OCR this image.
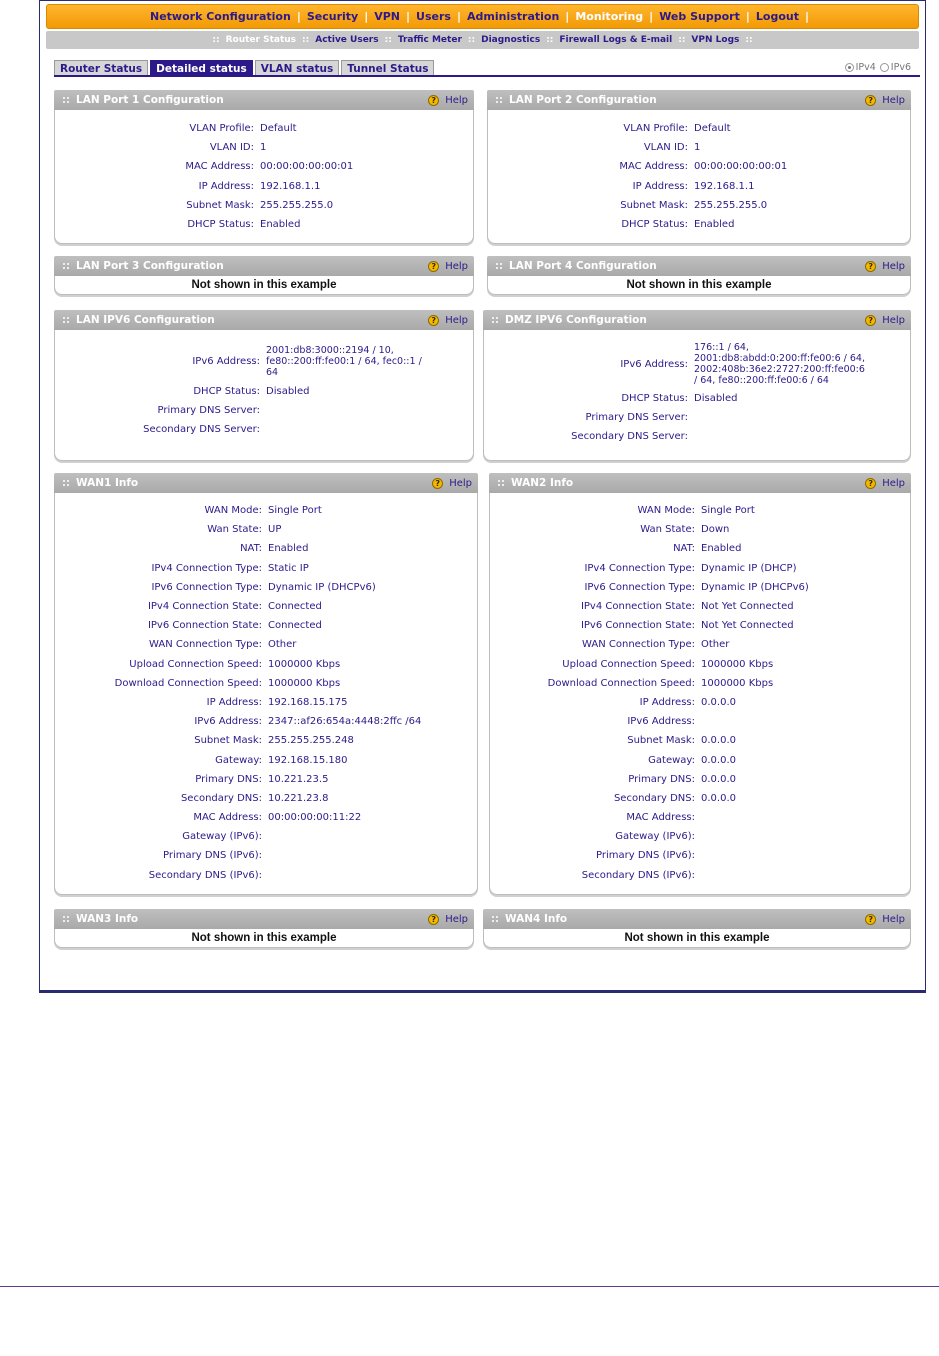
Network Configuration | Security | VPN | Users | Administration | Monitoring | Web Support | Logout |
:: Router Status :: Active Users :: Traffic Meter :: Diagnostics :: Firewall Logs & E-mail :: VPN Logs ::
Router Status	Detailed status	VLAN status	Tunnel Status	IPv4 IPv6
LAN Port 1 Configuration	? Help
VLAN Profile: Default
VLAN ID: 1
MAC Address: 00:00:00:00:00:01
IP Address: 192.168.1.1
Subnet Mask: 255.255.255.0
DHCP Status: Enabled
LAN Port 2 Configuration	? Help
VLAN Profile: Default
VLAN ID: 1
MAC Address: 00:00:00:00:00:01
IP Address: 192.168.1.1
Subnet Mask: 255.255.255.0
DHCP Status: Enabled
LAN Port 3 Configuration	? Help
Not shown in this example
LAN Port 4 Configuration	? Help
Not shown in this example
LAN IPV6 Configuration	? Help
IPv6 Address:
2001:db8:3000::2194 / 10,
fe80::200:ff:fe00:1 / 64, fec0::1 /
64
DHCP Status: Disabled
Primary DNS Server:
Secondary DNS Server:
DMZ IPV6 Configuration	? Help
IPv6 Address:
176::1 / 64,
2001:db8:abdd:0:200:ff:fe00:6 / 64,
2002:408b:36e2:2727:200:ff:fe00:6
/ 64, fe80::200:ff:fe00:6 / 64
DHCP Status: Disabled
Primary DNS Server:
Secondary DNS Server:
WAN1 Info	? Help
WAN Mode: Single Port
Wan State: UP
NAT: Enabled
IPv4 Connection Type: Static IP
IPv6 Connection Type: Dynamic IP (DHCPv6)
IPv4 Connection State: Connected
IPv6 Connection State: Connected
WAN Connection Type: Other
Upload Connection Speed: 1000000 Kbps
Download Connection Speed: 1000000 Kbps
IP Address: 192.168.15.175
IPv6 Address: 2347::af26:654a:4448:2ffc /64
Subnet Mask: 255.255.255.248
Gateway: 192.168.15.180
Primary DNS: 10.221.23.5
Secondary DNS: 10.221.23.8
MAC Address: 00:00:00:00:11:22
Gateway (IPv6):
Primary DNS (IPv6):
Secondary DNS (IPv6):
WAN2 Info	? Help
WAN Mode: Single Port
Wan State: Down
NAT: Enabled
IPv4 Connection Type: Dynamic IP (DHCP)
IPv6 Connection Type: Dynamic IP (DHCPv6)
IPv4 Connection State: Not Yet Connected
IPv6 Connection State: Not Yet Connected
WAN Connection Type: Other
Upload Connection Speed: 1000000 Kbps
Download Connection Speed: 1000000 Kbps
IP Address: 0.0.0.0
IPv6 Address:
Subnet Mask: 0.0.0.0
Gateway: 0.0.0.0
Primary DNS: 0.0.0.0
Secondary DNS: 0.0.0.0
MAC Address:
Gateway (IPv6):
Primary DNS (IPv6):
Secondary DNS (IPv6):
WAN3 Info	? Help
Not shown in this example
WAN4 Info	? Help
Not shown in this example
